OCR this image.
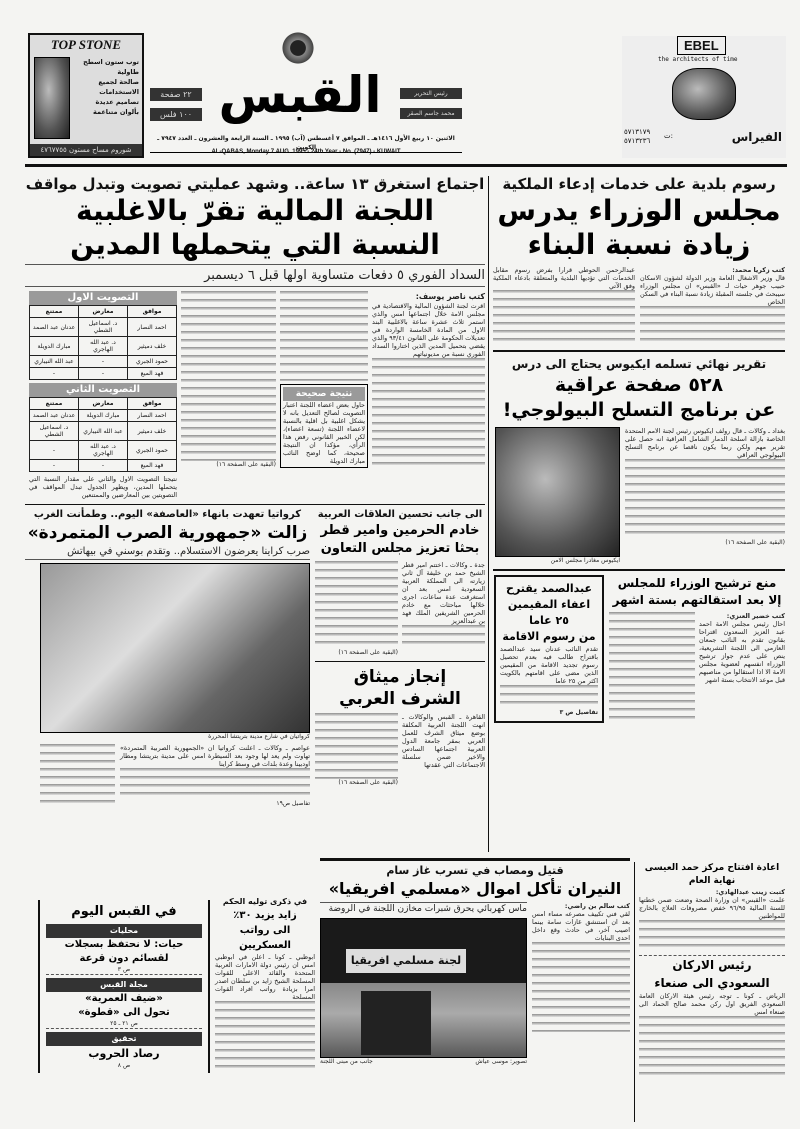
TOP STONE
توب ستون اسطح طاولية
صالحة لجميع الاستخدامات
تصاميم عديدة
بألوان متناغمة
شوروم مساح مستون ٤٧٦٧٧٥٥
القبس
٢٢ صفحة
١٠٠ فلس
رئيس التحرير
محمد جاسم الصقر
الاثنين ١٠ ربيع الأول ١٤١٦هـ ـ الموافق ٧ أغسطس (آب) ١٩٩٥ ـ السنة الرابعة والعشرون ـ العدد ٧٩٤٧ ـ الكويت
AL-QABAS, Monday 7 AUG. 1995 - 24th Year - No. (7947) - KUWAIT
EBEL
the architects of time
٥٧١٣١٧٩
٥٧١٣٢٣٦
ت:	الفيراس
اجتماع استغرق ١٣ ساعة.. وشهد عمليتي تصويت وتبدل مواقف
اللجنة المالية تقرّ بالاغلبية
النسبة التي يتحملها المدين
السداد الفوري ٥ دفعات متساوية اولها قبل ٦ ديسمبر
كتب ناصر يوسف:
اقرت لجنة الشؤون المالية والاقتصادية في مجلس الامة خلال اجتماعها امس والذي استمر ثلاث عشرة ساعة بالاغلبية البند الاول من المادة الخامسة الواردة في تعديلات الحكومة على القانون ٩٣/٤١ والذي يقضي بتحميل المدين الذين اختاروا السداد الفوري نسبة من مديونياتهم
نتيجة صحيحة
حاول بعض اعضاء اللجنة اعتبار التصويت لصالح التعديل بانه لا يشكل اغلبية بل اقلية بالنسبة لاعضاء اللجنة (تسعة اعضاء)، لكن الخبير القانوني رفض هذا الرأي، مؤكدا ان النتيجة صحيحة، كما اوضح النائب مبارك الدويلة
(البقية على الصفحة ١٦)
التصويت الاول
موافق	معارض	ممتنع
احمد النصار	د. اسماعيل الشطي	عدنان عبد الصمد
خلف دميثير	د. عبد الله الهاجري	مبارك الدويلة
حمود الجبري	-	عبد الله النيباري
فهد الميع	-	-
التصويت الثاني
موافق	معارض	ممتنع
احمد النصار	مبارك الدويلة	عدنان عبد الصمد
خلف دميثير	عبد الله النيباري	د. اسماعيل الشطي
حمود الجبري	د. عبد الله الهاجري	-
فهد الميع	-	-
نتيجتا التصويت الاول والثاني على مقدار النسبة التي يتحملها المدين، ويظهر الجدول تبدل المواقف في التصويتين بين المعارضين والممتنعين
الى جانب تحسين العلاقات العربية
خادم الحرمين وامير قطر
بحثا تعزيز مجلس التعاون
جدة ـ وكالات ـ اختتم امير قطر الشيخ حمد بن خليفة آل ثاني زيارته الى المملكة العربية السعودية امس بعد ان استغرقت عدة ساعات، اجرى خلالها مباحثات مع خادم الحرمين الشريفين الملك فهد بن عبدالعزيز
(البقية على الصفحة ١٦)
إنجاز ميثاق
الشرف العربي
القاهرة ـ القبس والوكالات ـ انهت اللجنة العربية المكلفة بوضع ميثاق الشرف للعمل العربي بمقر جامعة الدول العربية اجتماعها السادس والاخير ضمن سلسلة الاجتماعات التي عقدتها
(البقية على الصفحة ١٦)
كرواتيا تعهدت بانهاء «العاصفة» اليوم.. وطمأنت الغرب
زالت «جمهورية الصرب المتمردة»
صرب كراينا يعرضون الاستسلام.. وتقدم بوسني في بيهاتش
كرواتيان في شارع مدينة بتريتشا المحررة
عواصم ـ وكالات ـ اعلنت كرواتيا ان «الجمهورية الصربية المتمردة» تهاوت ولم يعد لها وجود بعد السيطرة امس على مدينة بتريتشا ومطار اودبينا وعدة بلدات في وسط كراينا
تفاصيل ص١٩
رسوم بلدية على خدمات إدعاء الملكية
مجلس الوزراء يدرس
زيادة نسبة البناء
كتب زكريا محمد:
قال وزير الاشغال العامة وزير الدولة لشؤون الاسكان حبيب جوهر حيات لـ «القبس» ان مجلس الوزراء سيبحث في جلسته المقبلة زيادة نسبة البناء في السكن الخاص
عبدالرحمن الحوطي قرارا بفرض رسوم مقابل الخدمات التي تؤديها البلدية والمتعلقة بادعاء الملكية وفق الآتي
تقرير نهائي تسلمه ايكيوس يحتاج الى درس
٥٢٨ صفحة عراقية
عن برنامج التسلح البيولوجي!
بغداد ـ وكالات ـ قال رولف ايكيوس رئيس لجنة الامم المتحدة الخاصة بازالة اسلحة الدمار الشامل العراقية انه حصل على تقرير مهم ولكن ربما يكون ناقصا عن برنامج التسلح البيولوجي العراقي
(البقية على الصفحة ١٦)
ايكيوس مغادرا مجلس الامن
منع ترشيح الوزراء للمجلس
إلا بعد استقالتهم بستة اشهر
كتب خضير العنزي:
احال رئيس مجلس الامة احمد عبد العزيز السعدون اقتراحا بقانون تقدم به النائب جمعان العازمي الى اللجنة التشريعية، ينص على عدم جواز ترشيح الوزراء انفسهم لعضوية مجلس الامة الا اذا استقالوا من مناصبهم قبل موعد الانتخاب بستة اشهر
عبدالصمد يقترح
اعفاء المقيمين
٢٥ عاما
من رسوم الاقامة
تقدم النائب عدنان سيد عبدالصمد باقتراح طالب فيه بعدم تحصيل رسوم تجديد الاقامة من المقيمين الذين مضى على اقامتهم بالكويت اكثر من ٢٥ عاما
تفاصيل ص ٣
قتيل ومصاب في تسرب غاز سام
النيران تأكل اموال «مسلمي افريقيا»
كتب سالم بن راضي:
لقي فني تكييف مصرعه مساء امس بعد ان استنشق غازات سامة بينما اصيب آخر، في حادث وقع داخل احدى البنايات
ماس كهربائي يحرق شبرات مخازن اللجنة في الروضة
لجنة مسلمي افريقيا
تصوير: موسى عياش
جانب من مبنى اللجنة
في ذكرى توليه الحكم
زايد يزيد ٣٠٪
الى رواتب العسكريين
ابوظبي ـ كونا ـ اعلن في ابوظبي امس ان رئيس دولة الامارات العربية المتحدة والقائد الاعلى للقوات المسلحة الشيخ زايد بن سلطان اصدر امرا بزيادة رواتب افراد القوات المسلحة
في القبس اليوم
محليات
حيات: لا نحتفظ بسجلات
لقسائم دون قرعة
ص ٣
مجلة القبس
«ضيف العمرية»
تحول الى «قطوة»
ص ٢١ ـ ٢٥
تحقيق
رصاد الحروب
ص ٨
اعادة افتتاح مركز حمد العيسى نهاية العام
كتبت زينب عبدالهادي:
علمت «القبس» ان وزارة الصحة وضعت ضمن خطتها للسنة المالية ٩٦/٩٥ خفض مصروفات العلاج بالخارج للمواطنين
رئيس الاركان
السعودي الى صنعاء
الرياض ـ كونا ـ توجه رئيس هيئة الاركان العامة السعودي الفريق اول ركن محمد صالح الحماد الى صنعاء امس
